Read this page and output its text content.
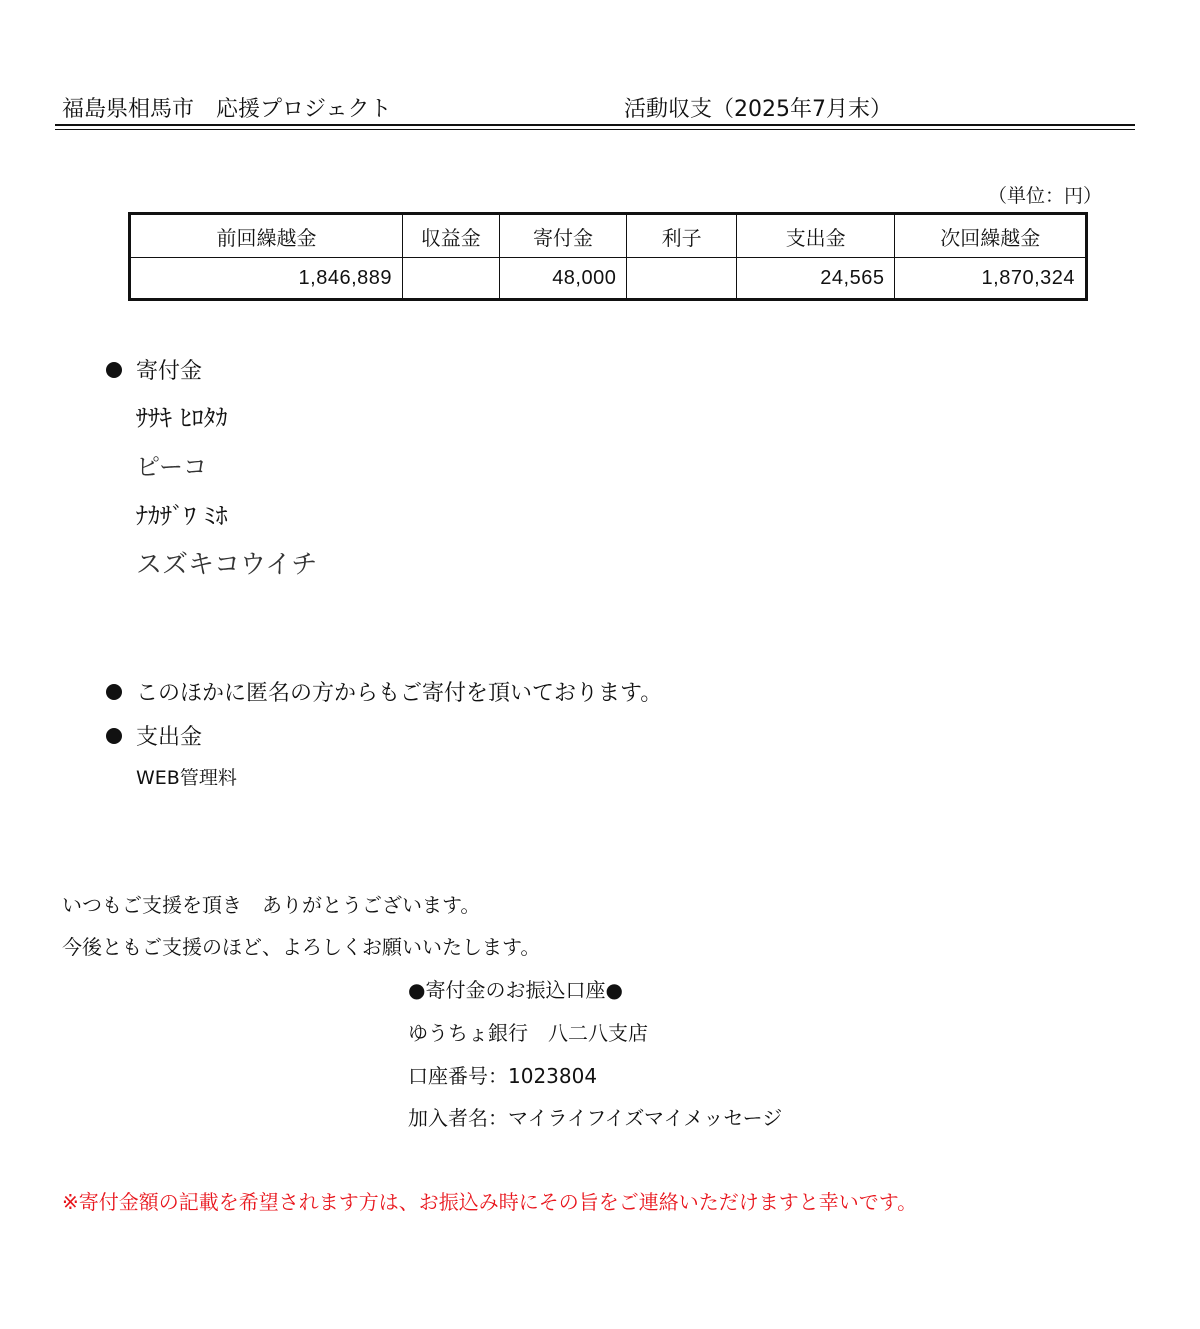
福島県相馬市　応援プロジェクト	活動収支（2025年7月末）
（単位：円）
前回繰越金	収益金	寄付金	利子	支出金	次回繰越金
1,846,889		48,000		24,565	1,870,324
寄付金
ｻｻｷ ﾋﾛﾀｶ
ピーコ
ﾅｶｻﾞﾜ ﾐﾎ
スズキコウイチ
このほかに匿名の方からもご寄付を頂いております。
支出金
WEB管理料
いつもご支援を頂き　ありがとうございます。
今後ともご支援のほど、よろしくお願いいたします。
●寄付金のお振込口座●
ゆうちょ銀行　八二八支店
口座番号：1023804
加入者名：マイライフイズマイメッセージ
※寄付金額の記載を希望されます方は、お振込み時にその旨をご連絡いただけますと幸いです。
